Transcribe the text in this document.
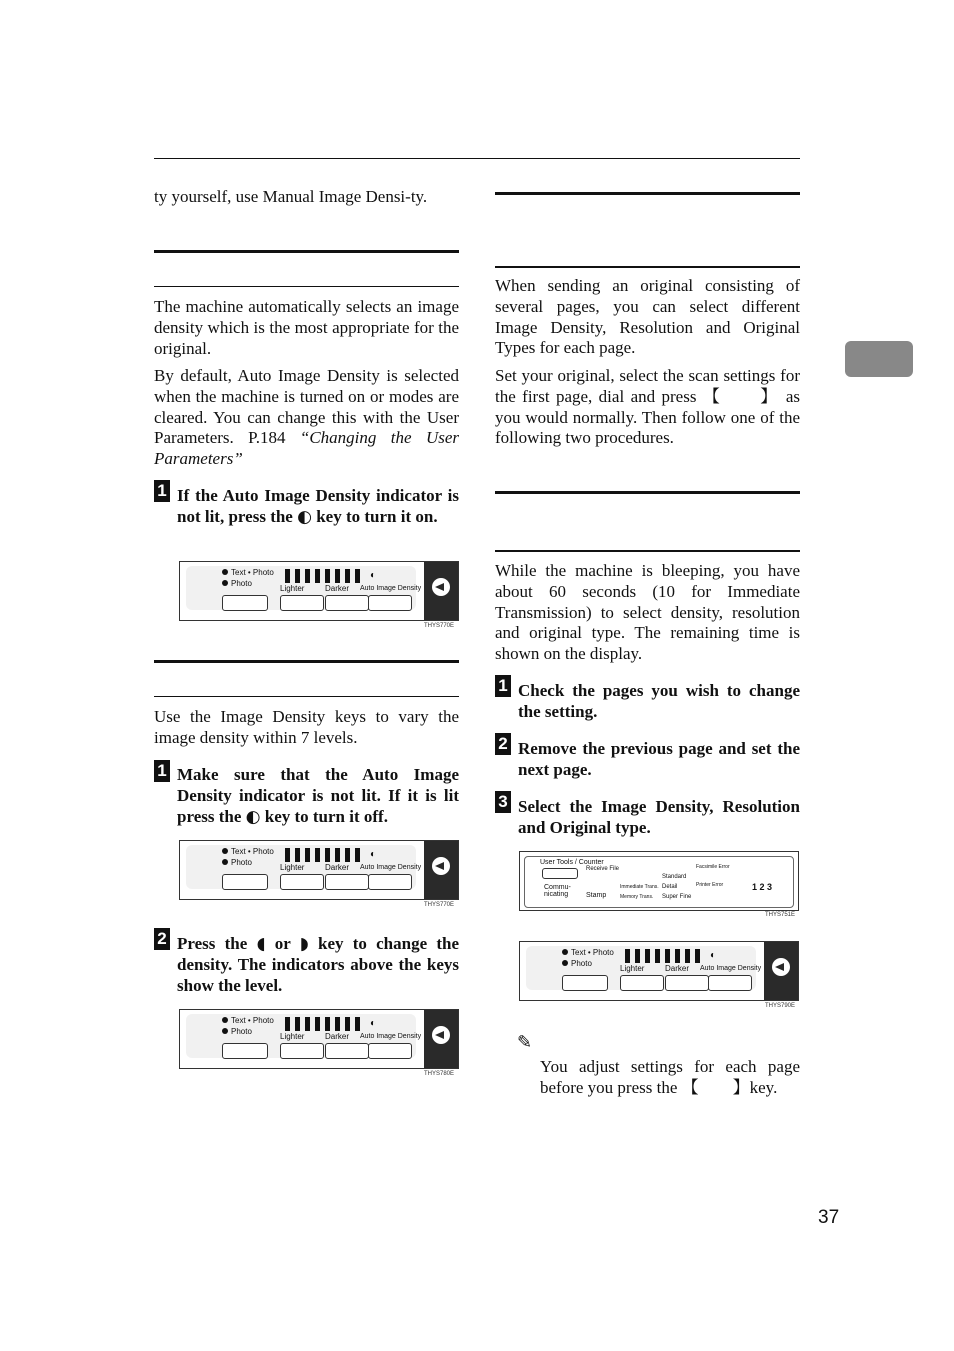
ty yourself, use Manual Image Densi-ty.

The machine automatically selects an image density which is the most appropriate for the original.

By default, Auto Image Density is selected when the machine is turned on or modes are cleared. You can change this with the User Parameters. P.184 “Changing the User Parameters”

1 If the Auto Image Density indicator is not lit, press the ◐ key to turn it on.
Text • Photo
Photo
◐
Lighter	Darker Auto Image Density
THYS770E

Use the Image Density keys to vary the image density within 7 levels.

1 Make sure that the Auto Image Density indicator is not lit. If it is lit press the ◐ key to turn it off.
Text • Photo
Photo
◐
Lighter	Darker Auto Image Density
THYS770E
2 Press the ◖ or ◗ key to change the density. The indicators above the keys show the level.
Text • Photo
Photo
◐
Lighter	Darker Auto Image Density
THYS780E

When sending an original consisting of several pages, you can select different Image Density, Resolution and Original Types for each page.

Set your original, select the scan settings for the first page, dial and press 【　　】 as you would normally. Then follow one of the following two procedures.

While the machine is bleeping, you have about 60 seconds (10 for Immediate Transmission) to select density, resolution and original type. The remaining time is shown on the display.

1 Check the pages you wish to change the setting.
2 Remove the previous page and set the next page.
3 Select the Image Density, Resolution and Original type.
User Tools / Counter
Receive File
Commu-nicating	Stamp
Immediate Trans.
Memory Trans.
Standard
Detail
Super Fine
Facsimile Error
Printer Error	1 2 3
THYS751E
Text • Photo
Photo
◐
Lighter	Darker Auto Image Density
THYS790E
✎

You adjust settings for each page before you press the 【　　】key.

37
